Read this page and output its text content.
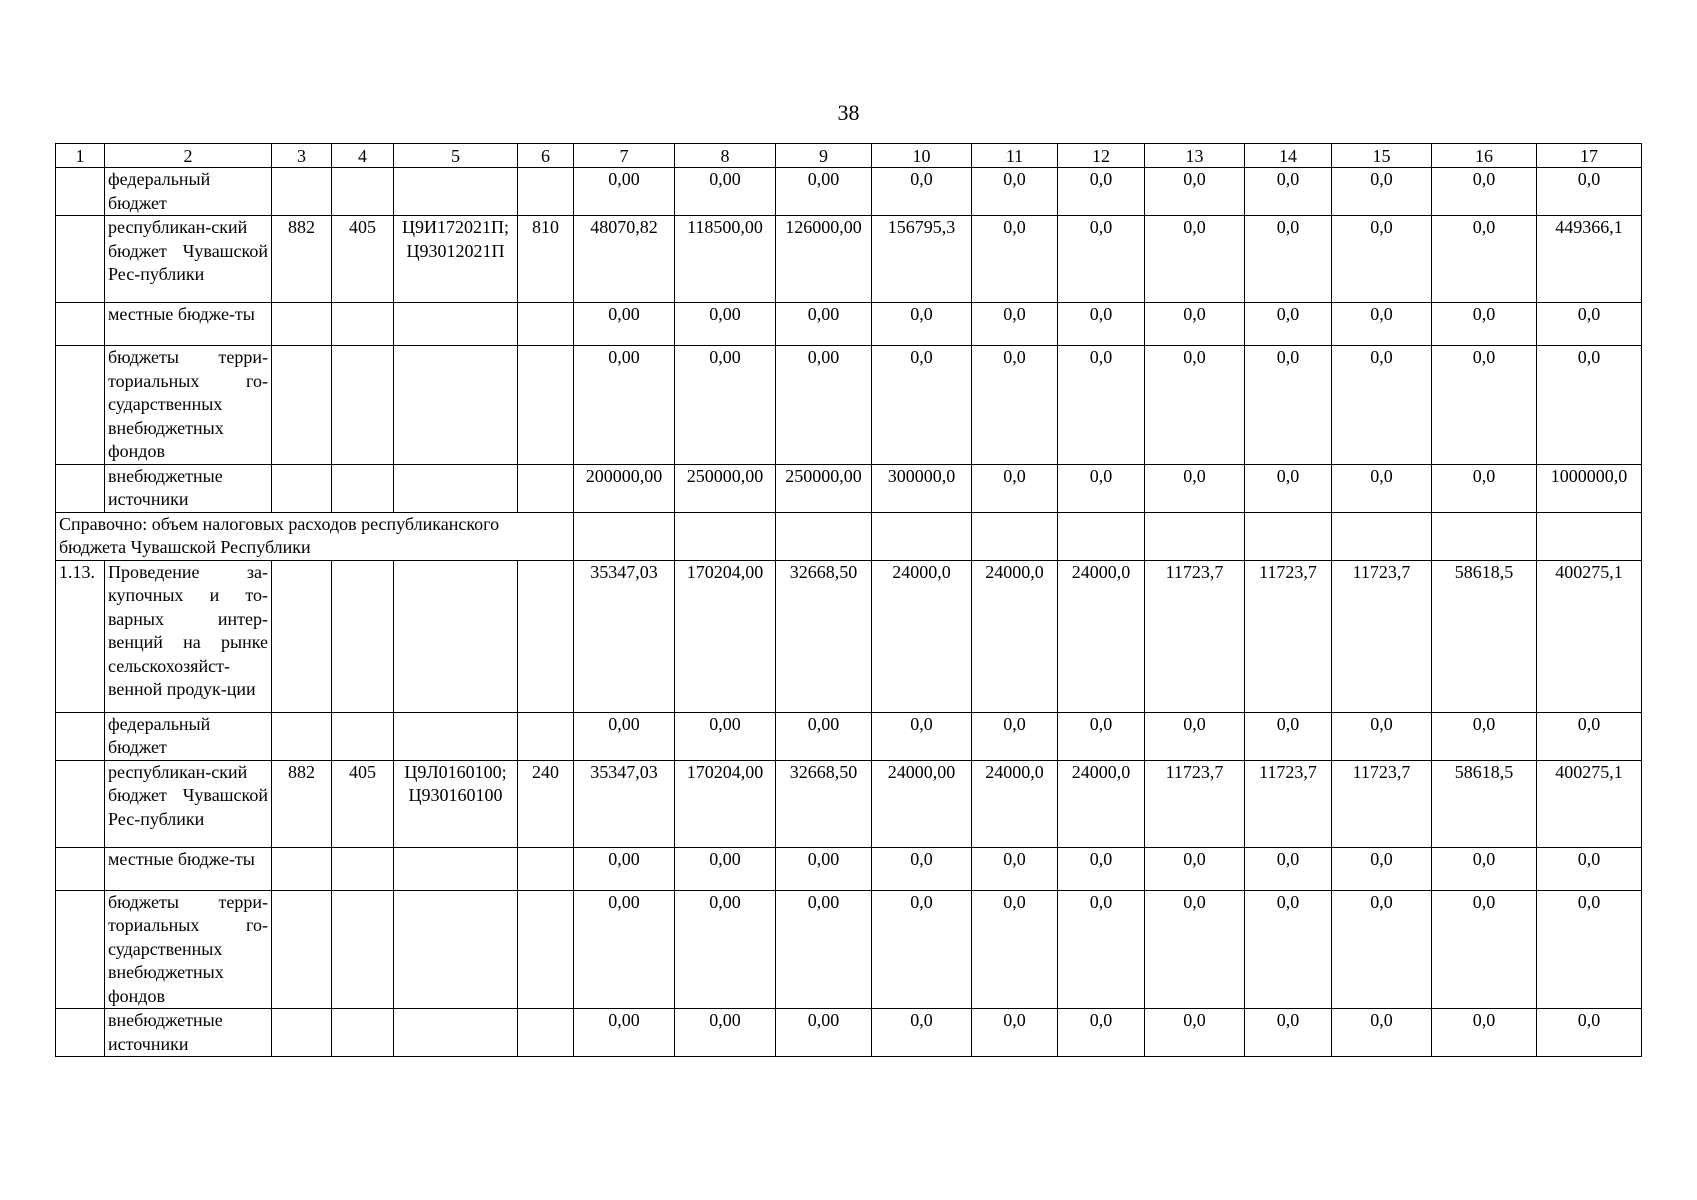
38
1	2	3	4	5	6	7	8	9	10	11	12	13	14	15	16	17
	федеральный бюджет					0,00	0,00	0,00	0,0	0,0	0,0	0,0	0,0	0,0	0,0	0,0
	республикан-ский бюджет Чувашской Рес-публики	882	405	Ц9И172021П; Ц93012021П	810	48070,82	118500,00	126000,00	156795,3	0,0	0,0	0,0	0,0	0,0	0,0	449366,1
	местные бюдже-ты					0,00	0,00	0,00	0,0	0,0	0,0	0,0	0,0	0,0	0,0	0,0
	бюджеты терри-ториальных го-сударственных внебюджетных фондов					0,00	0,00	0,00	0,0	0,0	0,0	0,0	0,0	0,0	0,0	0,0
	внебюджетные источники					200000,00	250000,00	250000,00	300000,0	0,0	0,0	0,0	0,0	0,0	0,0	1000000,0
Справочно: объем налоговых расходов республиканского бюджета Чувашской Республики																
1.13.	Проведение за-купочных и то-варных интер-венций на рынке сельскохозяйст-венной продук-ции					35347,03	170204,00	32668,50	24000,0	24000,0	24000,0	11723,7	11723,7	11723,7	58618,5	400275,1
	федеральный бюджет					0,00	0,00	0,00	0,0	0,0	0,0	0,0	0,0	0,0	0,0	0,0
	республикан-ский бюджет Чувашской Рес-публики	882	405	Ц9Л0160100; Ц930160100	240	35347,03	170204,00	32668,50	24000,00	24000,0	24000,0	11723,7	11723,7	11723,7	58618,5	400275,1
	местные бюдже-ты					0,00	0,00	0,00	0,0	0,0	0,0	0,0	0,0	0,0	0,0	0,0
	бюджеты терри-ториальных го-сударственных внебюджетных фондов					0,00	0,00	0,00	0,0	0,0	0,0	0,0	0,0	0,0	0,0	0,0
	внебюджетные источники					0,00	0,00	0,00	0,0	0,0	0,0	0,0	0,0	0,0	0,0	0,0
